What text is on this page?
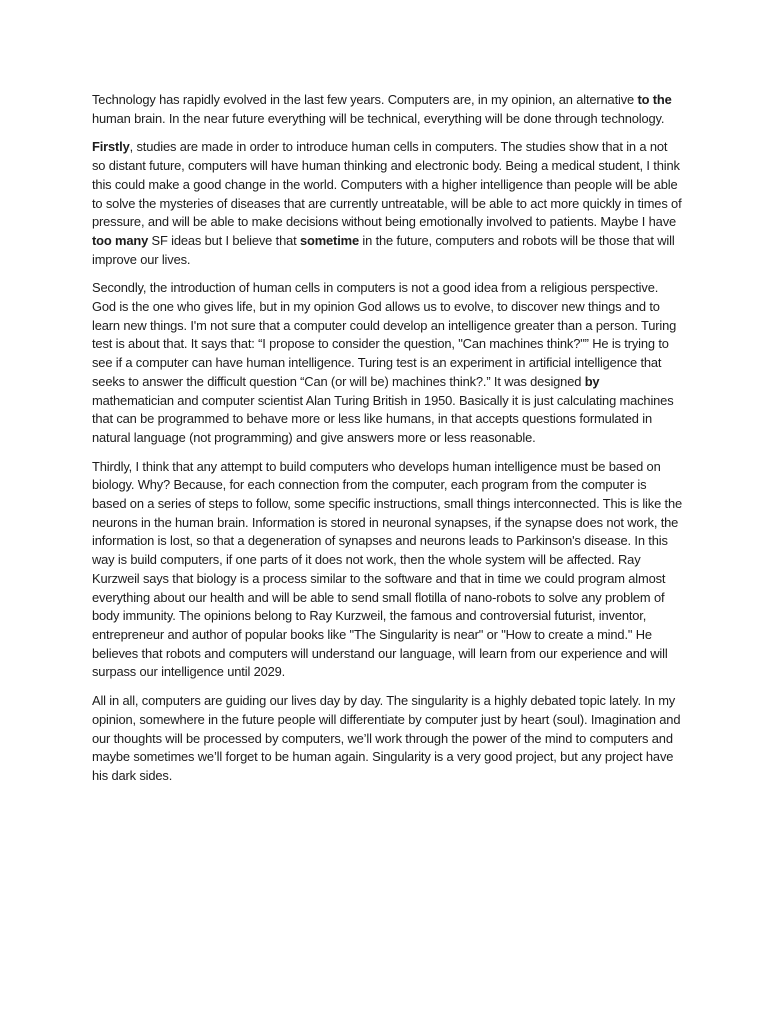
Technology has rapidly evolved in the last few years. Computers are, in my opinion, an alternative to the human brain. In the near future everything will be technical, everything will be done through technology.

Firstly, studies are made in order to introduce human cells in computers. The studies show that in a not so distant future, computers will have human thinking and electronic body. Being a medical student, I think this could make a good change in the world. Computers with a higher intelligence than people will be able to solve the mysteries of diseases that are currently untreatable, will be able to act more quickly in times of pressure, and will be able to make decisions without being emotionally involved to patients. Maybe I have too many SF ideas but I believe that sometime in the future, computers and robots will be those that will improve our lives.

Secondly, the introduction of human cells in computers is not a good idea from a religious perspective. God is the one who gives life, but in my opinion God allows us to evolve, to discover new things and to learn new things. I'm not sure that a computer could develop an intelligence greater than a person. Turing test is about that. It says that: “I propose to consider the question, "Can machines think?"” He is trying to see if a computer can have human intelligence. Turing test is an experiment in artificial intelligence that seeks to answer the difficult question “Can (or will be) machines think?.” It was designed by mathematician and computer scientist Alan Turing British in 1950. Basically it is just calculating machines that can be programmed to behave more or less like humans, in that accepts questions formulated in natural language (not programming) and give answers more or less reasonable.

Thirdly, I think that any attempt to build computers who develops human intelligence must be based on biology. Why? Because, for each connection from the computer, each program from the computer is based on a series of steps to follow, some specific instructions, small things interconnected. This is like the neurons in the human brain. Information is stored in neuronal synapses, if the synapse does not work, the information is lost, so that a degeneration of synapses and neurons leads to Parkinson's disease. In this way is build computers, if one parts of it does not work, then the whole system will be affected. Ray Kurzweil says that biology is a process similar to the software and that in time we could program almost everything about our health and will be able to send small flotilla of nano-robots to solve any problem of body immunity. The opinions belong to Ray Kurzweil, the famous and controversial futurist, inventor, entrepreneur and author of popular books like "The Singularity is near" or "How to create a mind." He believes that robots and computers will understand our language, will learn from our experience and will surpass our intelligence until 2029.

All in all, computers are guiding our lives day by day. The singularity is a highly debated topic lately. In my opinion, somewhere in the future people will differentiate by computer just by heart (soul). Imagination and our thoughts will be processed by computers, we’ll work through the power of the mind to computers and maybe sometimes we’ll forget to be human again. Singularity is a very good project, but any project have his dark sides.
